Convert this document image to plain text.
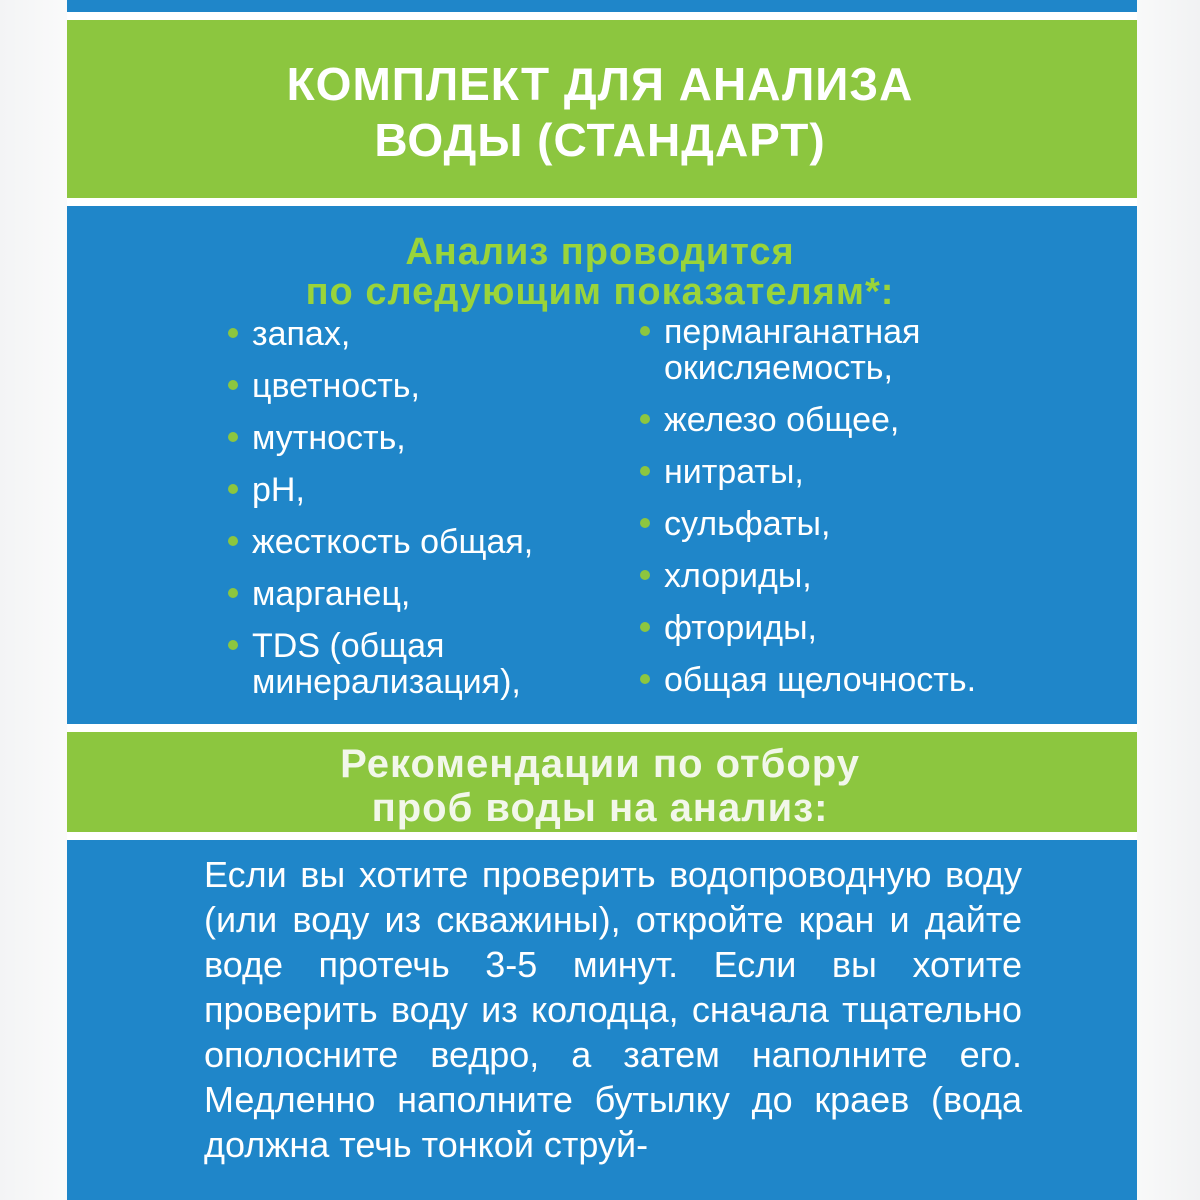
КОМПЛЕКТ ДЛЯ АНАЛИЗА
ВОДЫ (СТАНДАРТ)
Анализ проводится
по следующим показателям*:
запах,
цветность,
мутность,
pH,
жесткость общая,
марганец,
TDS (общая минерализация),
перманганатная окисляемость,
железо общее,
нитраты,
сульфаты,
хлориды,
фториды,
общая щелочность.
Рекомендации по отбору
проб воды на анализ:

Если вы хотите проверить водопроводную воду (или воду из скважины), откройте кран и дайте воде протечь 3-5 минут. Если вы хотите проверить воду из колодца, сначала тщательно ополосните ведро, а затем наполните его. Медленно наполните бутылку до краев (вода должна течь тонкой струй-
